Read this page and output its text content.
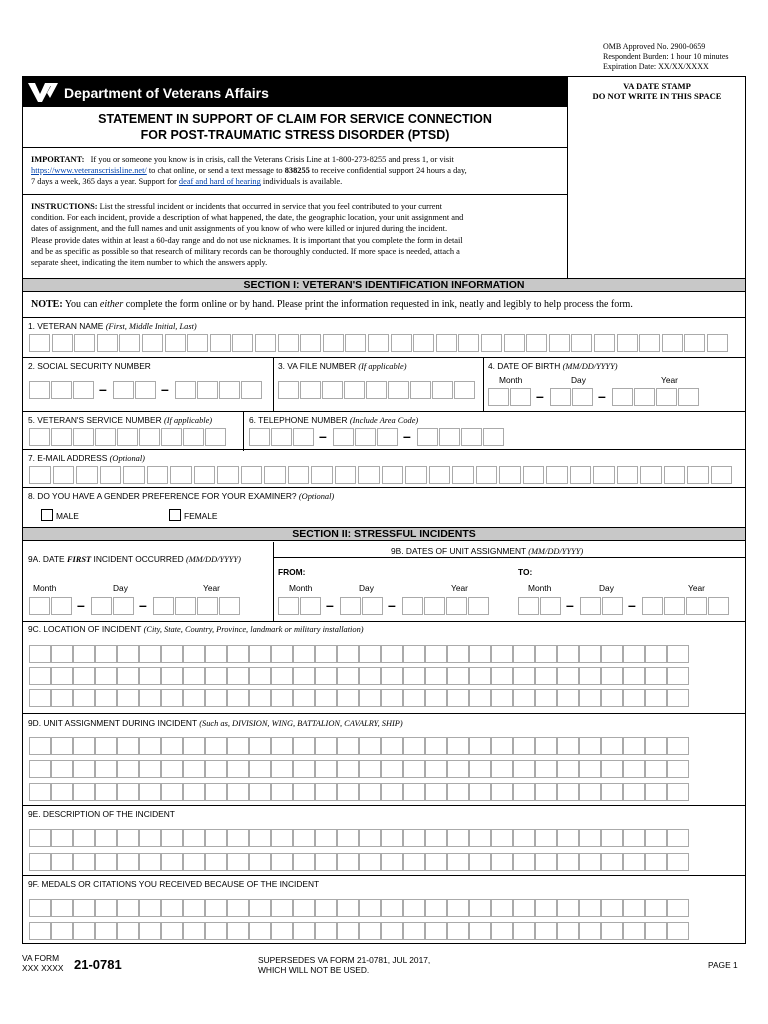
OMB Approved No. 2900-0659
Respondent Burden: 1 hour 10 minutes
Expiration Date: XX/XX/XXXX
Department of Veterans Affairs	VA DATE STAMP
DO NOT WRITE IN THIS SPACE
STATEMENT IN SUPPORT OF CLAIM FOR SERVICE CONNECTION
FOR POST-TRAUMATIC STRESS DISORDER (PTSD)
IMPORTANT: If you or someone you know is in crisis, call the Veterans Crisis Line at 1-800-273-8255 and press 1, or visit
https://www.veteranscrisisline.net/ to chat online, or send a text message to 838255 to receive confidential support 24 hours a day,
7 days a week, 365 days a year. Support for deaf and hard of hearing individuals is available.
INSTRUCTIONS: List the stressful incident or incidents that occurred in service that you feel contributed to your current
condition. For each incident, provide a description of what happened, the date, the geographic location, your unit assignment and
dates of assignment, and the full names and unit assignments of you know of who were killed or injured during the incident.
Please provide dates within at least a 60-day range and do not use nicknames. It is important that you complete the form in detail
and be as specific as possible so that research of military records can be thoroughly conducted. If more space is needed, attach a
separate sheet, indicating the item number to which the answers apply.
SECTION I: VETERAN'S IDENTIFICATION INFORMATION
NOTE: You can either complete the form online or by hand. Please print the information requested in ink, neatly and legibly to help process the form.
1. VETERAN NAME (First, Middle Initial, Last)
2. SOCIAL SECURITY NUMBER	3. VA FILE NUMBER (If applicable)	4. DATE OF BIRTH (MM/DD/YYYY)
Month	Day	Year
–	–	–	–
5. VETERAN'S SERVICE NUMBER (If applicable)	6. TELEPHONE NUMBER (Include Area Code)
–	–
7. E-MAIL ADDRESS (Optional)
8. DO YOU HAVE A GENDER PREFERENCE FOR YOUR EXAMINER? (Optional)
MALE	FEMALE
SECTION II: STRESSFUL INCIDENTS
9A. DATE FIRST INCIDENT OCCURRED (MM/DD/YYYY)
9B. DATES OF UNIT ASSIGNMENT (MM/DD/YYYY)
FROM:	TO:
Month	Day	Year	Month	Day	Year	Month	Day	Year
–	–	–	–	–	–
9C. LOCATION OF INCIDENT (City, State, Country, Province, landmark or military installation)
9D. UNIT ASSIGNMENT DURING INCIDENT (Such as, DIVISION, WING, BATTALION, CAVALRY, SHIP)
9E. DESCRIPTION OF THE INCIDENT
9F. MEDALS OR CITATIONS YOU RECEIVED BECAUSE OF THE INCIDENT
VA FORM
XXX XXXX 21-0781	SUPERSEDES VA FORM 21-0781, JUL 2017,
WHICH WILL NOT BE USED.	PAGE 1
